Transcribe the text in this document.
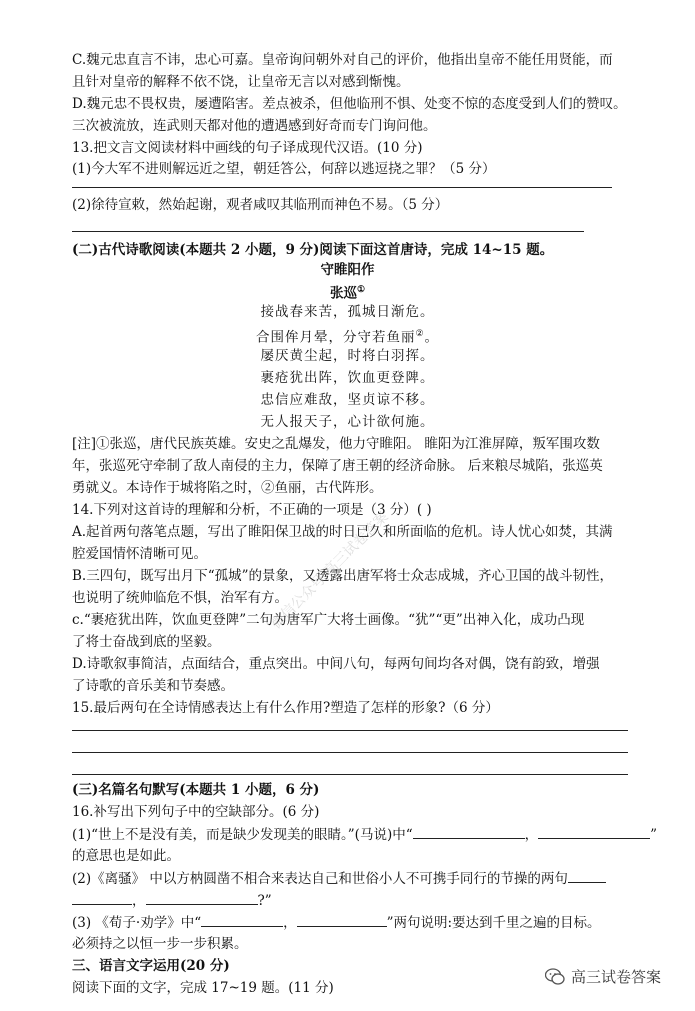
C.魏元忠直言不讳，忠心可嘉。皇帝询问朝外对自己的评价，他指出皇帝不能任用贤能，而
且针对皇帝的解释不依不饶，让皇帝无言以对感到惭愧。
D.魏元忠不畏权贵，屡遭陷害。差点被杀，但他临刑不惧、处变不惊的态度受到人们的赞叹。
三次被流放，连武则天都对他的遭遇感到好奇而专门询问他。
13.把文言文阅读材料中画线的句子译成现代汉语。(10 分)
(1)今大军不进则解远近之望，朝廷答公，何辞以逃逗挠之罪？（5 分）
(2)徐待宣敕，然始起谢，观者咸叹其临刑而神色不易。（5 分）
(二)古代诗歌阅读(本题共 2 小题，9 分)阅读下面这首唐诗，完成 14~15 题。
守睢阳作
张巡①
接战春来苦，孤城日渐危。
合围侔月晕，分守若鱼丽②。
屡厌黄尘起，时将白羽挥。
裹疮犹出阵，饮血更登陴。
忠信应难敌，坚贞谅不移。
无人报天子，心计欲何施。
[注]①张巡，唐代民族英雄。安史之乱爆发，他力守睢阳。 睢阳为江淮屏障，叛军围攻数
年，张巡死守牵制了敌人南侵的主力，保障了唐王朝的经济命脉。 后来粮尽城陷，张巡英
勇就义。本诗作于城将陷之时，②鱼丽，古代阵形。
14.下列对这首诗的理解和分析，不正确的一项是（3 分）( )
A.起首两句落笔点题，写出了睢阳保卫战的时日已久和所面临的危机。诗人忧心如焚，其满
腔爱国情怀清晰可见。
B.三四句，既写出月下“孤城”的景象，又透露出唐军将士众志成城，齐心卫国的战斗韧性，
也说明了统帅临危不惧，治军有方。
c.“裹疮犹出阵，饮血更登陴”二句为唐军广大将士画像。“犹”“更”出神入化，成功凸现
了将士奋战到底的坚毅。
D.诗歌叙事简洁，点面结合，重点突出。中间八句，每两句间均各对偶，饶有韵致，增强
了诗歌的音乐美和节奏感。
15.最后两句在全诗情感表达上有什么作用?塑造了怎样的形象?（6 分）
(三)名篇名句默写(本题共 1 小题，6 分)
16.补写出下列句子中的空缺部分。(6 分)
(1)“世上不是没有美，而是缺少发现美的眼睛。”(马说)中“	，	”
的意思也是如此。
(2)《离骚》 中以方枘圆凿不相合来表达自己和世俗小人不可携手同行的节操的两句
，	?”
(3) 《荀子·劝学》中“	，	”两句说明:要达到千里之遍的目标。
必须持之以恒一步一步积累。
三、语言文字运用(20 分)
阅读下面的文字，完成 17~19 题。(11 分)
微信公众号 高三试卷答案
高三试卷答案
